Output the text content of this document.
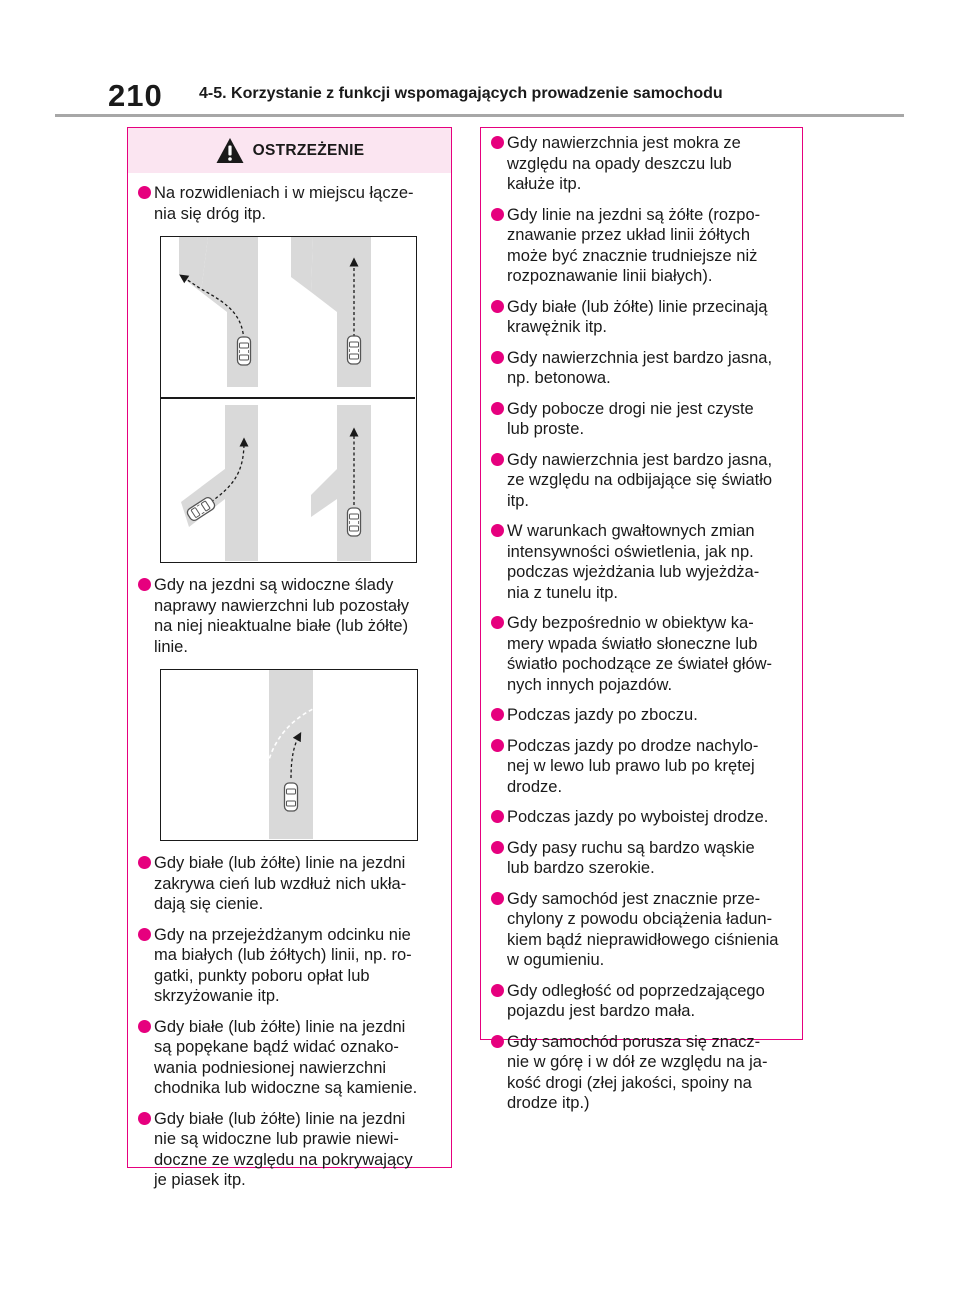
210 4-5. Korzystanie z funkcji wspomagających prowadzenie samochodu
OSTRZEŻENIE
Na rozwidleniach i w miejscu łącze-
nia się dróg itp.
Gdy na jezdni są widoczne ślady
naprawy nawierzchni lub pozostały
na niej nieaktualne białe (lub żółte)
linie.
Gdy białe (lub żółte) linie na jezdni
zakrywa cień lub wzdłuż nich ukła-
dają się cienie.
Gdy na przejeżdżanym odcinku nie
ma białych (lub żółtych) linii, np. ro-
gatki, punkty poboru opłat lub
skrzyżowanie itp.
Gdy białe (lub żółte) linie na jezdni
są popękane bądź widać oznako-
wania podniesionej nawierzchni
chodnika lub widoczne są kamienie.
Gdy białe (lub żółte) linie na jezdni
nie są widoczne lub prawie niewi-
doczne ze względu na pokrywający
je piasek itp.
Gdy nawierzchnia jest mokra ze
względu na opady deszczu lub
kałuże itp.
Gdy linie na jezdni są żółte (rozpo-
znawanie przez układ linii żółtych
może być znacznie trudniejsze niż
rozpoznawanie linii białych).
Gdy białe (lub żółte) linie przecinają
krawężnik itp.
Gdy nawierzchnia jest bardzo jasna,
np. betonowa.
Gdy pobocze drogi nie jest czyste
lub proste.
Gdy nawierzchnia jest bardzo jasna,
ze względu na odbijające się światło
itp.
W warunkach gwałtownych zmian
intensywności oświetlenia, jak np.
podczas wjeżdżania lub wyjeżdża-
nia z tunelu itp.
Gdy bezpośrednio w obiektyw ka-
mery wpada światło słoneczne lub
światło pochodzące ze świateł głów-
nych innych pojazdów.
Podczas jazdy po zboczu.
Podczas jazdy po drodze nachylo-
nej w lewo lub prawo lub po krętej
drodze.
Podczas jazdy po wyboistej drodze.
Gdy pasy ruchu są bardzo wąskie
lub bardzo szerokie.
Gdy samochód jest znacznie prze-
chylony z powodu obciążenia ładun-
kiem bądź nieprawidłowego ciśnienia
w ogumieniu.
Gdy odległość od poprzedzającego
pojazdu jest bardzo mała.
Gdy samochód porusza się znacz-
nie w górę i w dół ze względu na ja-
kość drogi (złej jakości, spoiny na
drodze itp.)
